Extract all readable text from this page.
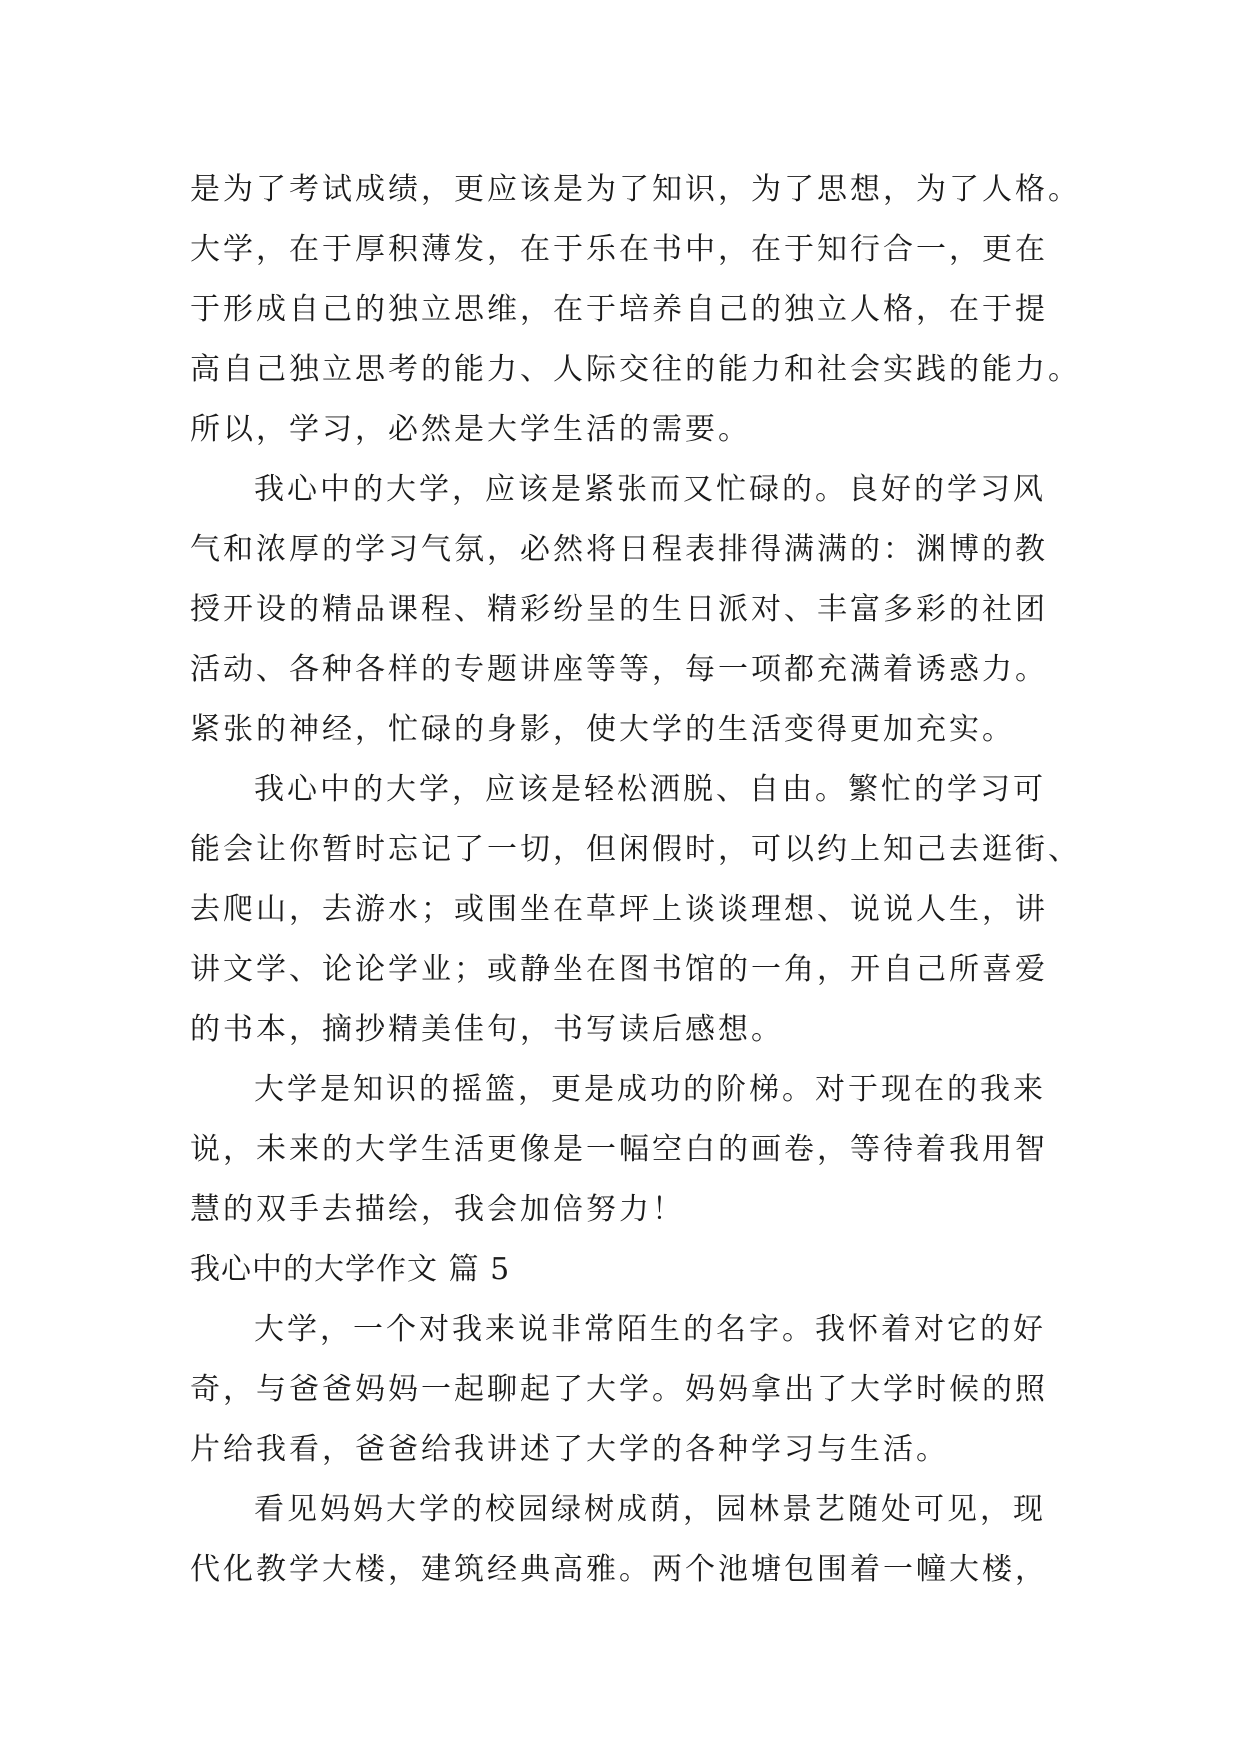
是为了考试成绩，更应该是为了知识，为了思想，为了人格。
大学，在于厚积薄发，在于乐在书中，在于知行合一，更在
于形成自己的独立思维，在于培养自己的独立人格，在于提
高自己独立思考的能力、人际交往的能力和社会实践的能力。
所以，学习，必然是大学生活的需要。
我心中的大学，应该是紧张而又忙碌的。良好的学习风
气和浓厚的学习气氛，必然将日程表排得满满的：渊博的教
授开设的精品课程、精彩纷呈的生日派对、丰富多彩的社团
活动、各种各样的专题讲座等等，每一项都充满着诱惑力。
紧张的神经，忙碌的身影，使大学的生活变得更加充实。
我心中的大学，应该是轻松洒脱、自由。繁忙的学习可
能会让你暂时忘记了一切，但闲假时，可以约上知己去逛街、
去爬山，去游水；或围坐在草坪上谈谈理想、说说人生，讲
讲文学、论论学业；或静坐在图书馆的一角，开自己所喜爱
的书本，摘抄精美佳句，书写读后感想。
大学是知识的摇篮，更是成功的阶梯。对于现在的我来
说，未来的大学生活更像是一幅空白的画卷，等待着我用智
慧的双手去描绘，我会加倍努力！
我心中的大学作文 篇 5
大学，一个对我来说非常陌生的名字。我怀着对它的好
奇，与爸爸妈妈一起聊起了大学。妈妈拿出了大学时候的照
片给我看，爸爸给我讲述了大学的各种学习与生活。
看见妈妈大学的校园绿树成荫，园林景艺随处可见，现
代化教学大楼，建筑经典高雅。两个池塘包围着一幢大楼，
